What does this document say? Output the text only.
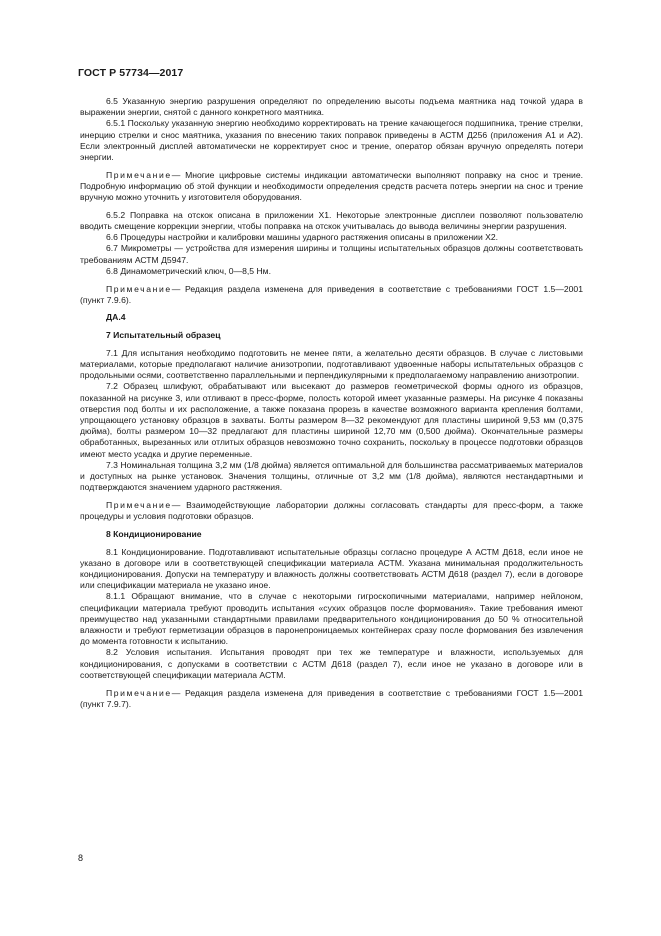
ГОСТ Р 57734—2017

6.5 Указанную энергию разрушения определяют по определению высоты подъема маятника над точкой удара в выражении энергии, снятой с данного конкретного маятника.

6.5.1 Поскольку указанную энергию необходимо корректировать на трение качающегося подшипника, трение стрелки, инерцию стрелки и снос маятника, указания по внесению таких поправок приведены в АСТМ Д256 (приложения А1 и А2). Если электронный дисплей автоматически не корректирует снос и трение, оператор обязан вручную определять потери энергии.

Примечание— Многие цифровые системы индикации автоматически выполняют поправку на снос и трение. Подробную информацию об этой функции и необходимости определения средств расчета потерь энергии на снос и трение вручную можно уточнить у изготовителя оборудования.

6.5.2 Поправка на отскок описана в приложении Х1. Некоторые электронные дисплеи позволяют пользователю вводить смещение коррекции энергии, чтобы поправка на отскок учитывалась до вывода величины энергии разрушения.

6.6 Процедуры настройки и калибровки машины ударного растяжения описаны в приложении Х2.

6.7 Микрометры — устройства для измерения ширины и толщины испытательных образцов должны соответствовать требованиям АСТМ Д5947.

6.8 Динамометрический ключ, 0—8,5 Нм.

Примечание— Редакция раздела изменена для приведения в соответствие с требованиями ГОСТ 1.5—2001 (пункт 7.9.6).

ДА.4

7 Испытательный образец

7.1 Для испытания необходимо подготовить не менее пяти, а желательно десяти образцов. В случае с листовыми материалами, которые предполагают наличие анизотропии, подготавливают удвоенные наборы испытательных образцов с продольными осями, соответственно параллельными и перпендикулярными к предполагаемому направлению анизотропии.

7.2 Образец шлифуют, обрабатывают или высекают до размеров геометрической формы одного из образцов, показанной на рисунке 3, или отливают в пресс-форме, полость которой имеет указанные размеры. На рисунке 4 показаны отверстия под болты и их расположение, а также показана прорезь в качестве возможного варианта крепления болтами, упрощающего установку образцов в захваты. Болты размером 8—32 рекомендуют для пластины шириной 9,53 мм (0,375 дюйма), болты размером 10—32 предлагают для пластины шириной 12,70 мм (0,500 дюйма). Окончательные размеры обработанных, вырезанных или отлитых образцов невозможно точно сохранить, поскольку в процессе подготовки образцов имеют место усадка и другие переменные.

7.3 Номинальная толщина 3,2 мм (1/8 дюйма) является оптимальной для большинства рассматриваемых материалов и доступных на рынке установок. Значения толщины, отличные от 3,2 мм (1/8 дюйма), являются нестандартными и подтверждаются значением ударного растяжения.

Примечание— Взаимодействующие лаборатории должны согласовать стандарты для пресс-форм, а также процедуры и условия подготовки образцов.

8 Кондиционирование

8.1 Кондиционирование. Подготавливают испытательные образцы согласно процедуре А АСТМ Д618, если иное не указано в договоре или в соответствующей спецификации материала АСТМ. Указана минимальная продолжительность кондиционирования. Допуски на температуру и влажность должны соответствовать АСТМ Д618 (раздел 7), если в договоре или спецификации материала не указано иное.

8.1.1 Обращают внимание, что в случае с некоторыми гигроскопичными материалами, например нейлоном, спецификации материала требуют проводить испытания «сухих образцов после формования». Такие требования имеют преимущество над указанными стандартными правилами предварительного кондиционирования до 50 % относительной влажности и требуют герметизации образцов в паронепроницаемых контейнерах сразу после формования без извлечения до момента готовности к испытанию.

8.2 Условия испытания. Испытания проводят при тех же температуре и влажности, используемых для кондиционирования, с допусками в соответствии с АСТМ Д618 (раздел 7), если иное не указано в договоре или в соответствующей спецификации материала АСТМ.

Примечание— Редакция раздела изменена для приведения в соответствие с требованиями ГОСТ 1.5—2001 (пункт 7.9.7).

8
